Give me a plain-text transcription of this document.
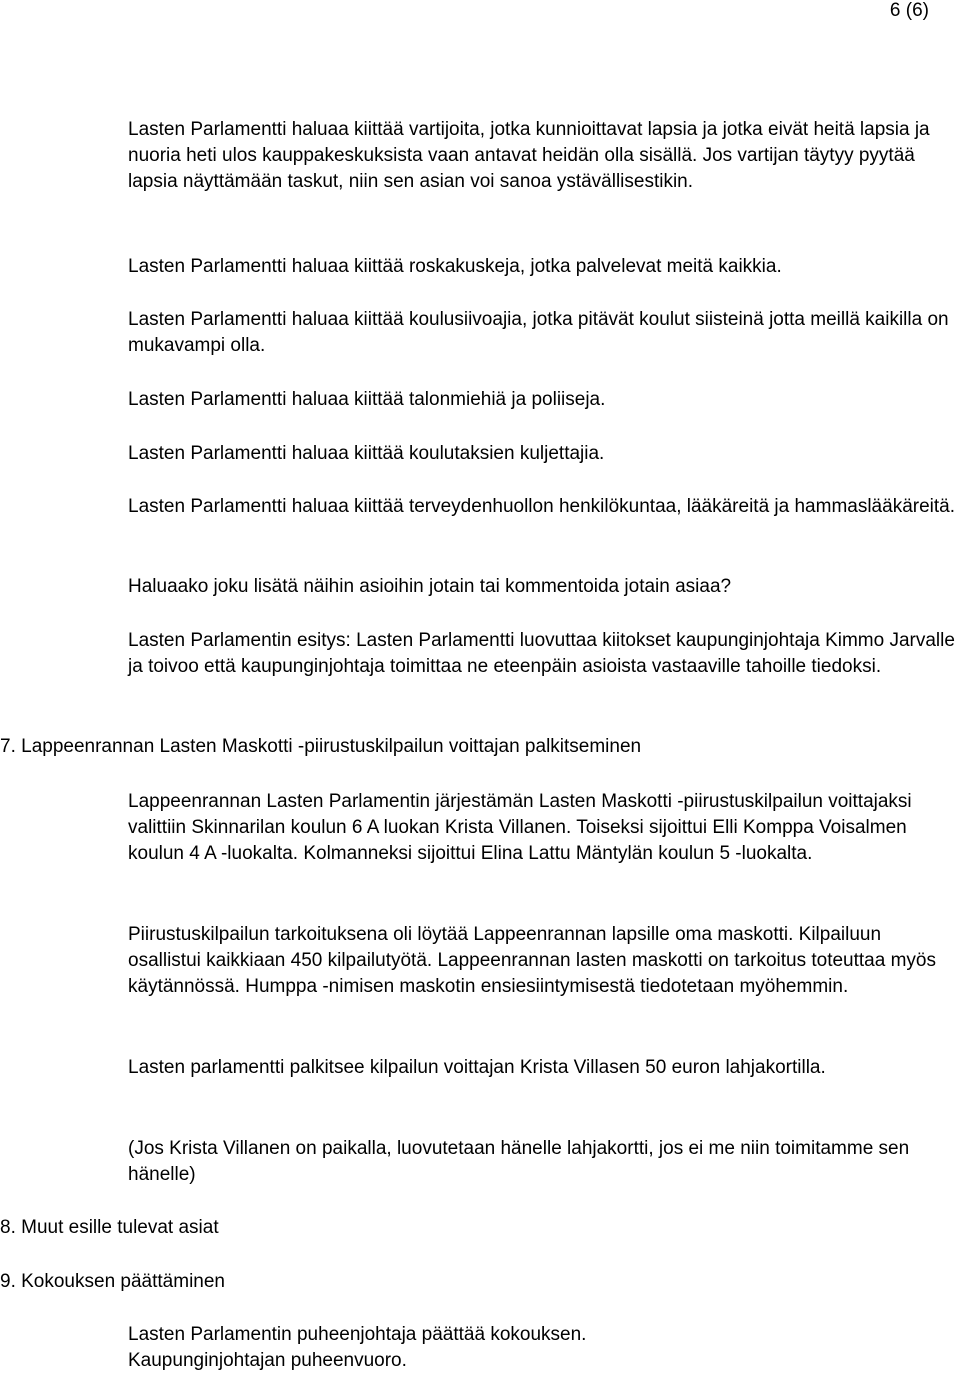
6 (6)

Lasten Parlamentti haluaa kiittää vartijoita, jotka kunnioittavat lapsia ja jotka eivät heitä lapsia ja nuoria heti ulos kauppakeskuksista vaan antavat heidän olla sisällä. Jos vartijan täytyy pyytää lapsia näyttämään taskut, niin sen asian voi sanoa ystävällisestikin.

Lasten Parlamentti haluaa kiittää roskakuskeja, jotka palvelevat meitä kaikkia.

Lasten Parlamentti haluaa kiittää koulusiivoajia, jotka pitävät koulut siisteinä jotta meillä kaikilla on mukavampi olla.

Lasten Parlamentti haluaa kiittää talonmiehiä ja poliiseja.

Lasten Parlamentti haluaa kiittää koulutaksien kuljettajia.

Lasten Parlamentti haluaa kiittää terveydenhuollon henkilökuntaa, lääkäreitä ja hammaslääkäreitä.

Haluaako joku lisätä näihin asioihin jotain tai kommentoida jotain asiaa?

Lasten Parlamentin esitys: Lasten Parlamentti luovuttaa kiitokset kaupunginjohtaja Kimmo Jarvalle ja toivoo että kaupunginjohtaja toimittaa ne eteenpäin asioista vastaaville tahoille tiedoksi.

7. Lappeenrannan Lasten Maskotti -piirustuskilpailun voittajan palkitseminen

Lappeenrannan Lasten Parlamentin järjestämän Lasten Maskotti -piirustuskilpailun voittajaksi valittiin Skinnarilan koulun 6 A luokan Krista Villanen. Toiseksi sijoittui Elli Komppa Voisalmen koulun 4 A -luokalta. Kolmanneksi sijoittui Elina Lattu Mäntylän koulun 5 -luokalta.

Piirustuskilpailun tarkoituksena oli löytää Lappeenrannan lapsille oma maskotti. Kilpailuun osallistui kaikkiaan 450 kilpailutyötä. Lappeenrannan lasten maskotti on tarkoitus toteuttaa myös käytännössä. Humppa -nimisen maskotin ensiesiintymisestä tiedotetaan myöhemmin.

Lasten parlamentti palkitsee kilpailun voittajan Krista Villasen 50 euron lahjakortilla.

(Jos Krista Villanen on paikalla, luovutetaan hänelle lahjakortti, jos ei me niin toimitamme sen hänelle)

8. Muut esille tulevat asiat

9. Kokouksen päättäminen

Lasten Parlamentin puheenjohtaja päättää kokouksen.

Kaupunginjohtajan puheenvuoro.
